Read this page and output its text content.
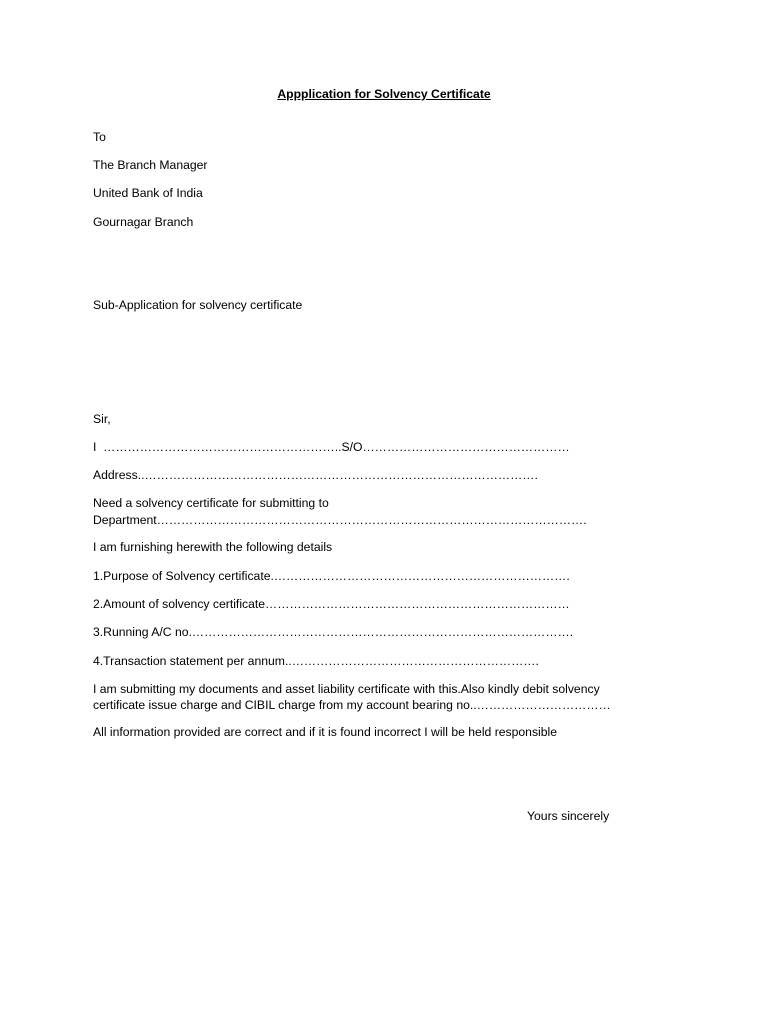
Appplication for Solvency Certificate
To
The Branch Manager
United Bank of India
Gournagar Branch
Sub-Application for solvency certificate
Sir,
I  …………………………………………………..S/O……………………………………………
Address..…………………………………………………………………………………….
Need a solvency certificate for submitting to
Department…………………………………………………………………………………………….
I am furnishing herewith the following details
1.Purpose of Solvency certificate.……………………………………………………………….
2.Amount of solvency certificate…………………………………………………………………
3.Running A/C no.………………………………………………………………………………….
4.Transaction statement per annum..…………………………………………………….
I am submitting my documents and asset liability certificate with this.Also kindly debit solvency
certificate issue charge and CIBIL charge from my account bearing no..……………………………
All information provided are correct and if it is found incorrect I will be held responsible
Yours sincerely
